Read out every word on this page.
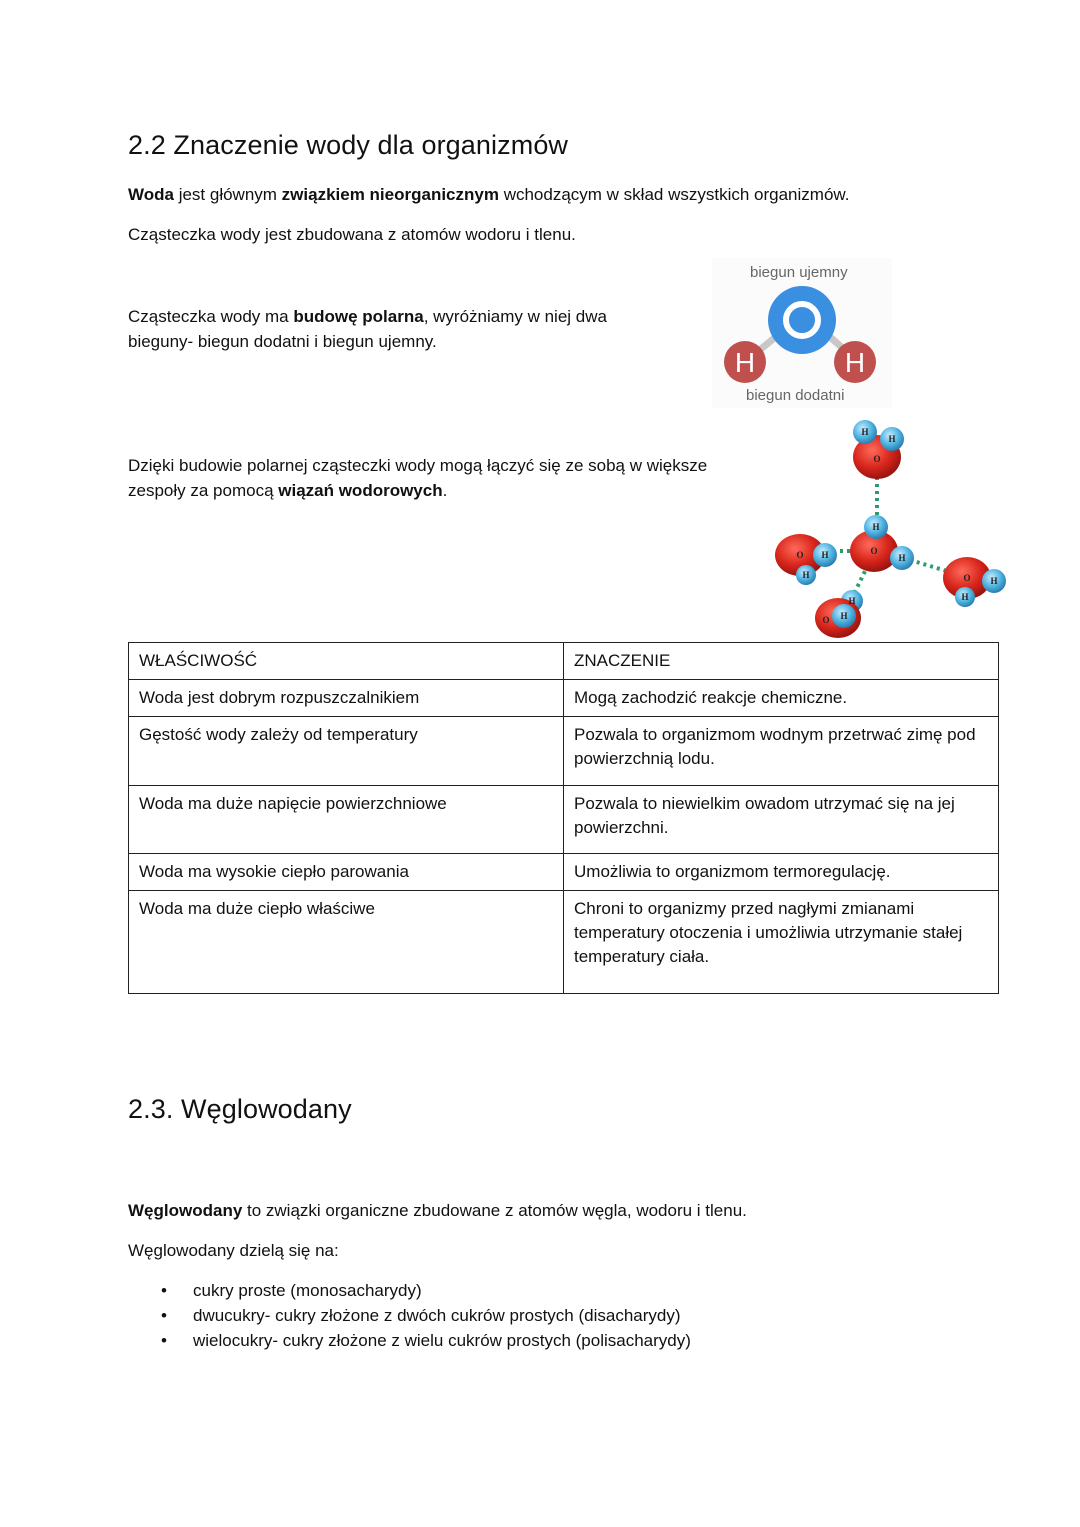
2.2 Znaczenie wody dla organizmów
Woda jest głównym związkiem nieorganicznym wchodzącym w skład wszystkich organizmów.
Cząsteczka wody jest zbudowana z atomów wodoru i tlenu.
Cząsteczka wody ma budowę polarna, wyróżniamy w niej dwa
bieguny- biegun dodatni i biegun ujemny.
Dzięki budowie polarnej cząsteczki wody mogą łączyć się ze sobą w większe
zespoły za pomocą wiązań wodorowych.
biegun ujemny
H	H
biegun dodatni
H
H
O
H
O
H
O H
H	O H
H
H
H
O
WŁAŚCIWOŚĆ	ZNACZENIE
Woda jest dobrym rozpuszczalnikiem	Mogą zachodzić reakcje chemiczne.
Gęstość wody zależy od temperatury	Pozwala to organizmom wodnym przetrwać zimę pod powierzchnią lodu.
Woda ma duże napięcie powierzchniowe	Pozwala to niewielkim owadom utrzymać się na jej powierzchni.
Woda ma wysokie ciepło parowania	Umożliwia to organizmom termoregulację.
Woda ma duże ciepło właściwe	Chroni to organizmy przed nagłymi zmianami temperatury otoczenia i umożliwia utrzymanie stałej temperatury ciała.
2.3. Węglowodany
Węglowodany to związki organiczne zbudowane z atomów węgla, wodoru i tlenu.
Węglowodany dzielą się na:
• cukry proste (monosacharydy)
• dwucukry- cukry złożone z dwóch cukrów prostych (disacharydy)
• wielocukry- cukry złożone z wielu cukrów prostych (polisacharydy)
